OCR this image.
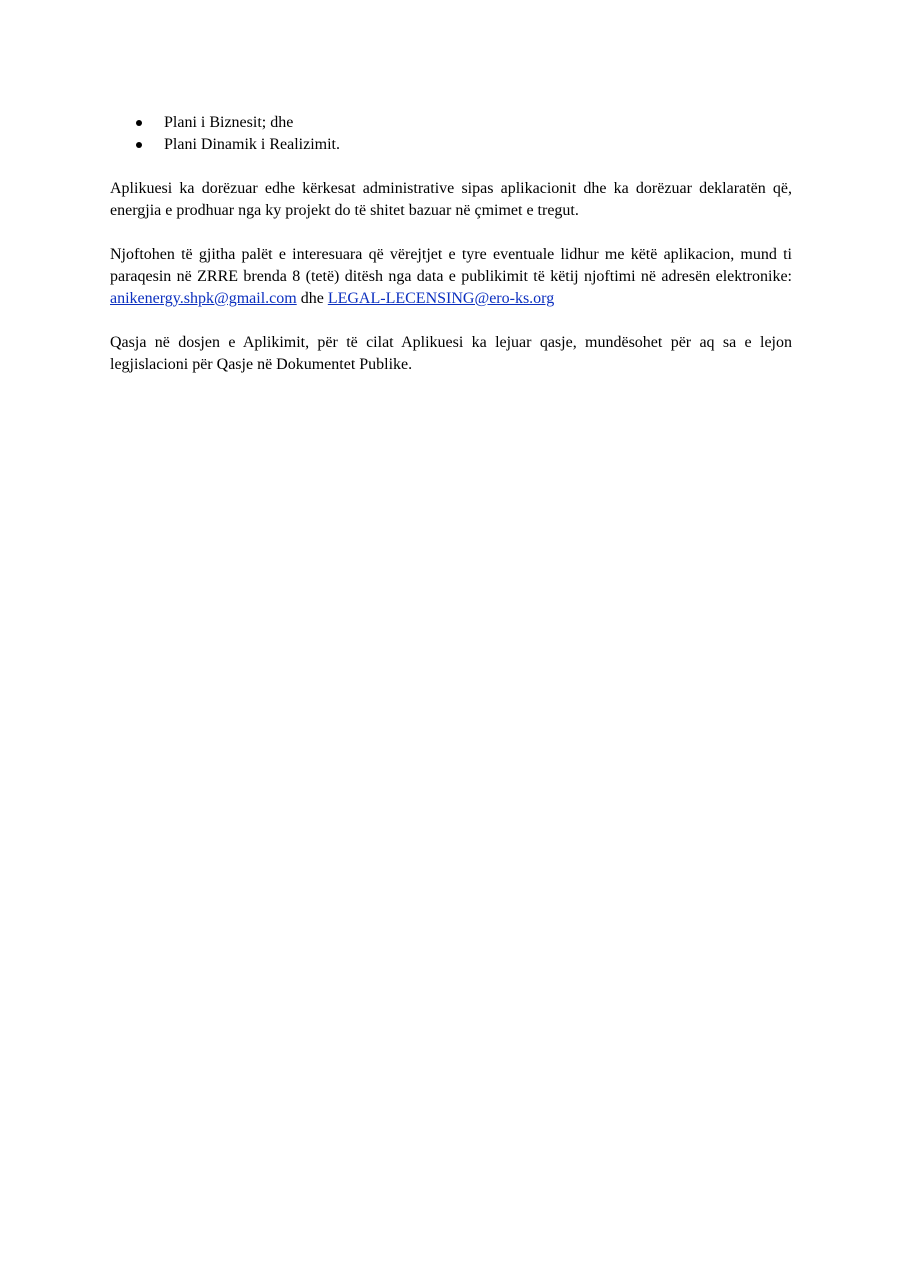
Plani i Biznesit; dhe
Plani Dinamik i Realizimit.

Aplikuesi ka dorëzuar edhe kërkesat administrative sipas aplikacionit dhe ka dorëzuar deklaratën që, energjia e prodhuar nga ky projekt do të shitet bazuar në çmimet e tregut.

Njoftohen të gjitha palët e interesuara që vërejtjet e tyre eventuale lidhur me këtë aplikacion, mund ti paraqesin në ZRRE brenda 8 (tetë) ditësh nga data e publikimit të këtij njoftimi në adresën elektronike: anikenergy.shpk@gmail.com dhe LEGAL-LECENSING@ero-ks.org

Qasja në dosjen e Aplikimit, për të cilat Aplikuesi ka lejuar qasje, mundësohet për aq sa e lejon legjislacioni për Qasje në Dokumentet Publike.
